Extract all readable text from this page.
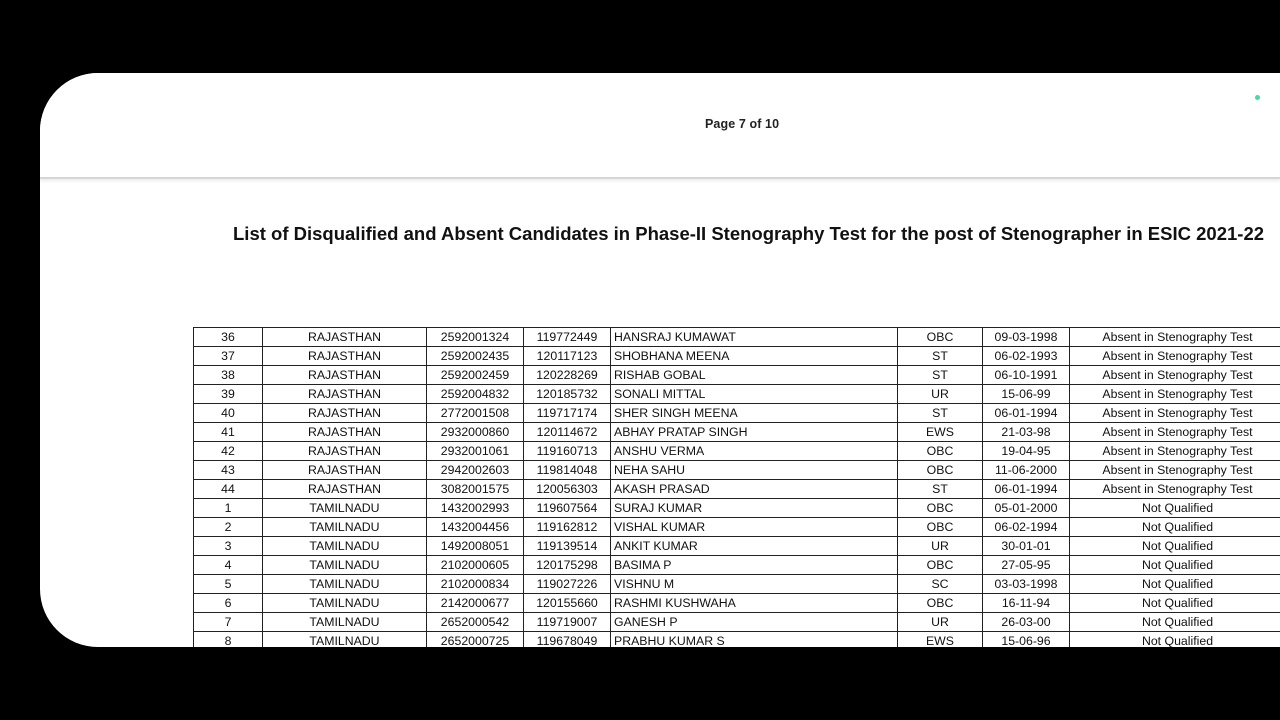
Page 7 of 10
List of Disqualified and Absent Candidates in Phase-II Stenography Test for the post of Stenographer in ESIC 2021-22
36	RAJASTHAN	2592001324	119772449	HANSRAJ KUMAWAT	OBC	09-03-1998	Absent in Stenography Test
37	RAJASTHAN	2592002435	120117123	SHOBHANA MEENA	ST	06-02-1993	Absent in Stenography Test
38	RAJASTHAN	2592002459	120228269	RISHAB GOBAL	ST	06-10-1991	Absent in Stenography Test
39	RAJASTHAN	2592004832	120185732	SONALI MITTAL	UR	15-06-99	Absent in Stenography Test
40	RAJASTHAN	2772001508	119717174	SHER SINGH MEENA	ST	06-01-1994	Absent in Stenography Test
41	RAJASTHAN	2932000860	120114672	ABHAY PRATAP SINGH	EWS	21-03-98	Absent in Stenography Test
42	RAJASTHAN	2932001061	119160713	ANSHU VERMA	OBC	19-04-95	Absent in Stenography Test
43	RAJASTHAN	2942002603	119814048	NEHA SAHU	OBC	11-06-2000	Absent in Stenography Test
44	RAJASTHAN	3082001575	120056303	AKASH PRASAD	ST	06-01-1994	Absent in Stenography Test
1	TAMILNADU	1432002993	119607564	SURAJ KUMAR	OBC	05-01-2000	Not Qualified
2	TAMILNADU	1432004456	119162812	VISHAL KUMAR	OBC	06-02-1994	Not Qualified
3	TAMILNADU	1492008051	119139514	ANKIT KUMAR	UR	30-01-01	Not Qualified
4	TAMILNADU	2102000605	120175298	BASIMA P	OBC	27-05-95	Not Qualified
5	TAMILNADU	2102000834	119027226	VISHNU M	SC	03-03-1998	Not Qualified
6	TAMILNADU	2142000677	120155660	RASHMI KUSHWAHA	OBC	16-11-94	Not Qualified
7	TAMILNADU	2652000542	119719007	GANESH P	UR	26-03-00	Not Qualified
8	TAMILNADU	2652000725	119678049	PRABHU KUMAR S	EWS	15-06-96	Not Qualified
